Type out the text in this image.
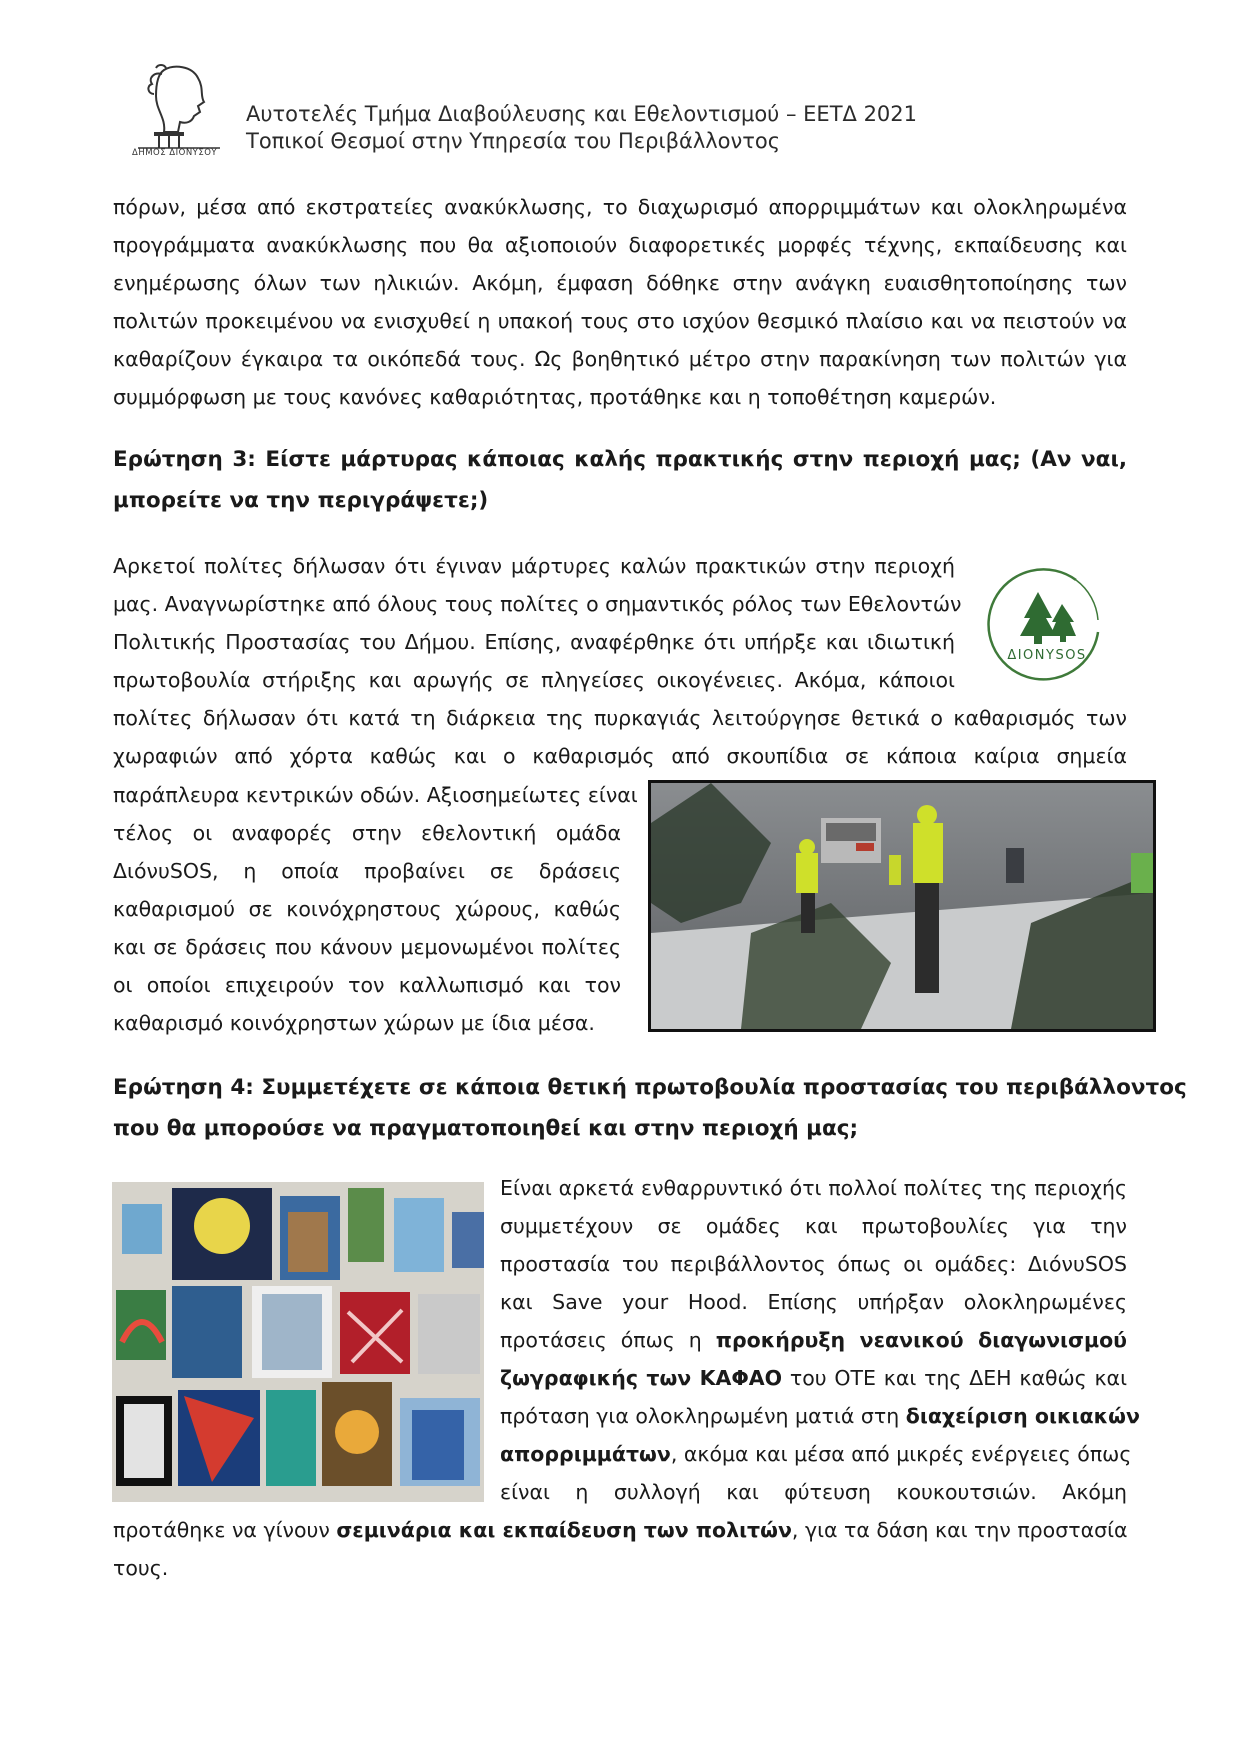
ΔΗΜΟΣ ΔΙΟΝΥΣΟΥ
Αυτοτελές Τμήμα Διαβούλευσης και Εθελοντισμού – ΕΕΤΔ 2021
Τοπικοί Θεσμοί στην Υπηρεσία του Περιβάλλοντος
πόρων, μέσα από εκστρατείες ανακύκλωσης, το διαχωρισμό απορριμμάτων και ολοκληρωμένα
προγράμματα ανακύκλωσης που θα αξιοποιούν διαφορετικές μορφές τέχνης, εκπαίδευσης και
ενημέρωσης όλων των ηλικιών. Ακόμη, έμφαση δόθηκε στην ανάγκη ευαισθητοποίησης των
πολιτών προκειμένου να ενισχυθεί η υπακοή τους στο ισχύον θεσμικό πλαίσιο και να πειστούν να
καθαρίζουν έγκαιρα τα οικόπεδά τους. Ως βοηθητικό μέτρο στην παρακίνηση των πολιτών για
συμμόρφωση με τους κανόνες καθαριότητας, προτάθηκε και η τοποθέτηση καμερών.
Ερώτηση 3: Είστε μάρτυρας κάποιας καλής πρακτικής στην περιοχή μας; (Αν ναι,
μπορείτε να την περιγράψετε;)
Αρκετοί πολίτες δήλωσαν ότι έγιναν μάρτυρες καλών πρακτικών στην περιοχή
μας. Αναγνωρίστηκε από όλους τους πολίτες ο σημαντικός ρόλος των Εθελοντών
Πολιτικής Προστασίας του Δήμου. Επίσης, αναφέρθηκε ότι υπήρξε και ιδιωτική
πρωτοβουλία στήριξης και αρωγής σε πληγείσες οικογένειες. Ακόμα, κάποιοι
πολίτες δήλωσαν ότι κατά τη διάρκεια της πυρκαγιάς λειτούργησε θετικά ο καθαρισμός των
χωραφιών από χόρτα καθώς και ο καθαρισμός από σκουπίδια σε κάποια καίρια σημεία
παράπλευρα κεντρικών οδών. Αξιοσημείωτες είναι
τέλος οι αναφορές στην εθελοντική ομάδα
ΔιόνυSOS, η οποία προβαίνει σε δράσεις
καθαρισμού σε κοινόχρηστους χώρους, καθώς
και σε δράσεις που κάνουν μεμονωμένοι πολίτες
οι οποίοι επιχειρούν τον καλλωπισμό και τον
καθαρισμό κοινόχρηστων χώρων με ίδια μέσα.
ΔΙΟΝΥSOS
Ερώτηση 4: Συμμετέχετε σε κάποια θετική πρωτοβουλία προστασίας του περιβάλλοντος
που θα μπορούσε να πραγματοποιηθεί και στην περιοχή μας;
Είναι αρκετά ενθαρρυντικό ότι πολλοί πολίτες της περιοχής
συμμετέχουν σε ομάδες και πρωτοβουλίες για την
προστασία του περιβάλλοντος όπως οι ομάδες: ΔιόνυSOS
και Save your Hood. Επίσης υπήρξαν ολοκληρωμένες
προτάσεις όπως η προκήρυξη νεανικού διαγωνισμού
ζωγραφικής των ΚΑΦΑΟ του ΟΤΕ και της ΔΕΗ καθώς και
πρόταση για ολοκληρωμένη ματιά στη διαχείριση οικιακών
απορριμμάτων, ακόμα και μέσα από μικρές ενέργειες όπως
είναι η συλλογή και φύτευση κουκουτσιών. Ακόμη
προτάθηκε να γίνουν σεμινάρια και εκπαίδευση των πολιτών, για τα δάση και την προστασία
τους.
